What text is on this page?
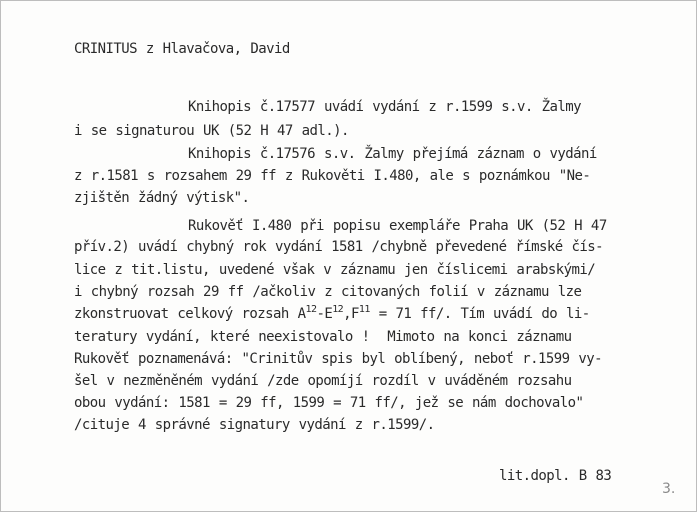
CRINITUS z Hlavačova, David
Knihopis č.17577 uvádí vydání z r.1599 s.v. Žalmy
i se signaturou UK (52 H 47 adl.).
Knihopis č.17576 s.v. Žalmy přejímá záznam o vydání
z r.1581 s rozsahem 29 ff z Rukověti I.480, ale s poznámkou "Ne-
zjištěn žádný výtisk".
Rukověť I.480 při popisu exempláře Praha UK (52 H 47
přív.2) uvádí chybný rok vydání 1581 /chybně převedené římské čís-
lice z tit.listu, uvedené však v záznamu jen číslicemi arabskými/
i chybný rozsah 29 ff /ačkoliv z citovaných folií v záznamu lze
zkonstruovat celkový rozsah $A^{12}-E^{12},F^{11} = 71$ ff/. Tím uvádí do li-
teratury vydání, které neexistovalo !  Mimoto na konci záznamu
Rukověť poznamenává: "Crinitův spis byl oblíbený, neboť r.1599 vy-
šel v nezměněném vydání /zde opomíjí rozdíl v uváděném rozsahu
obou vydání: 1581 = 29 ff, 1599 = 71 ff/, jež se nám dochovalo"
/cituje 4 správné signatury vydání z r.1599/.
lit.dopl. B 83
3.
